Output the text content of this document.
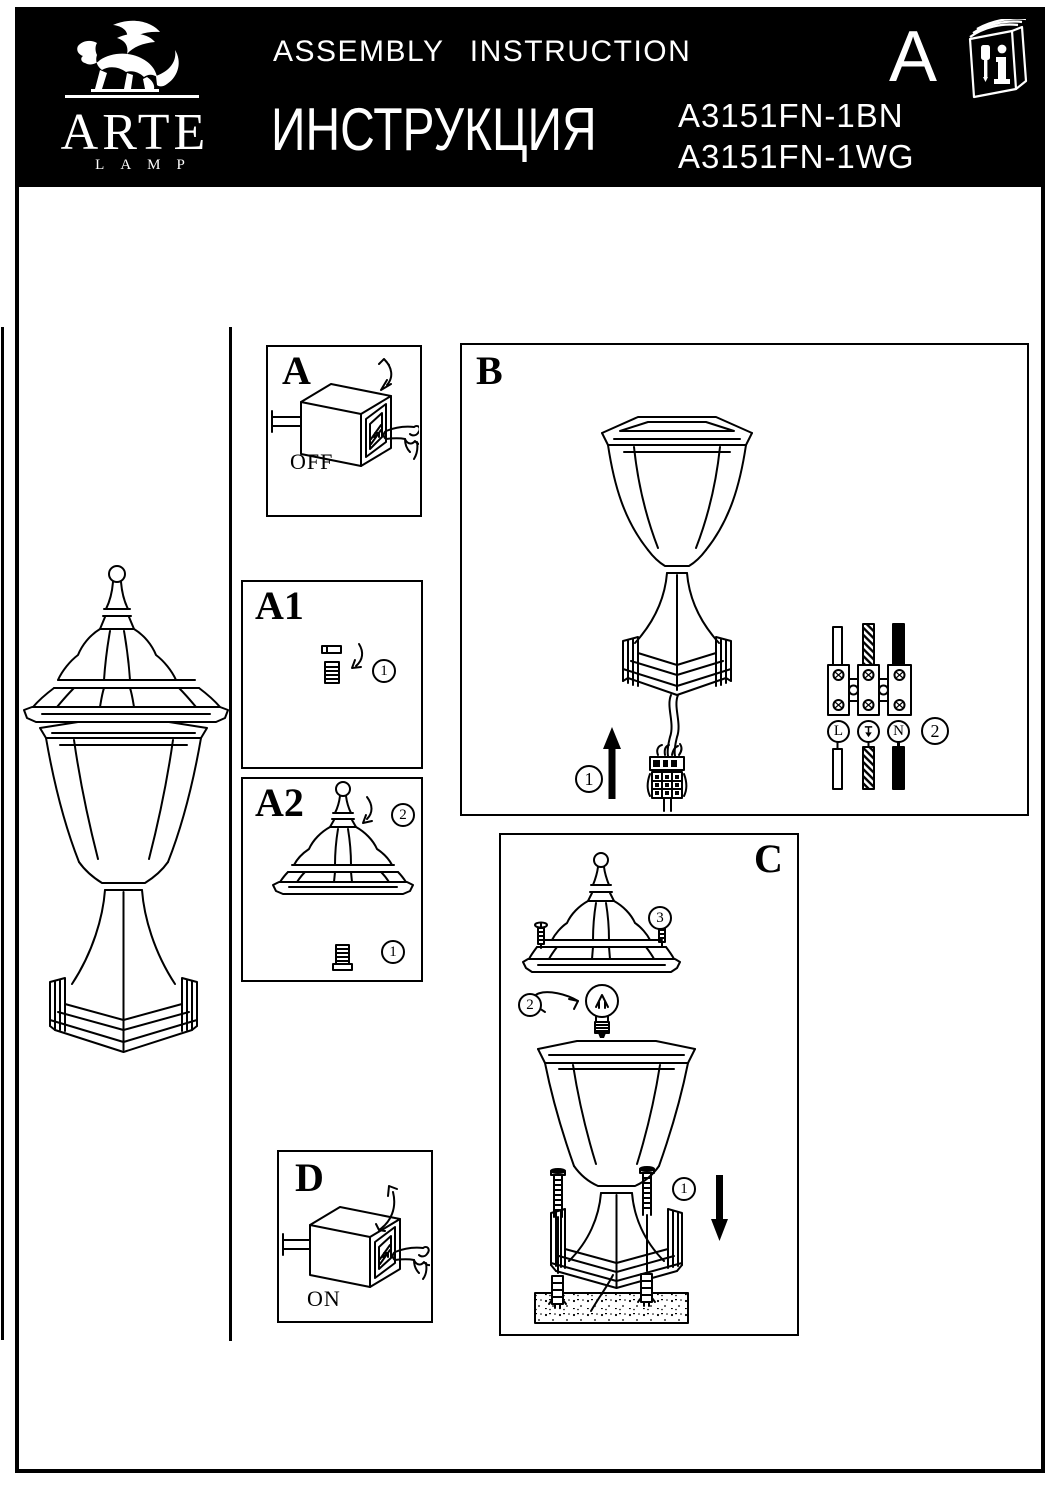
ARTE
LAMP
ASSEMBLY INSTRUCTION
ИНСТРУКЦИЯ A3151FN-1BN
A3151FN-1WG
A
A
OFF
A1
1
A2	2
1
D
ON
B
1
L	N	2
C
3
2
1
